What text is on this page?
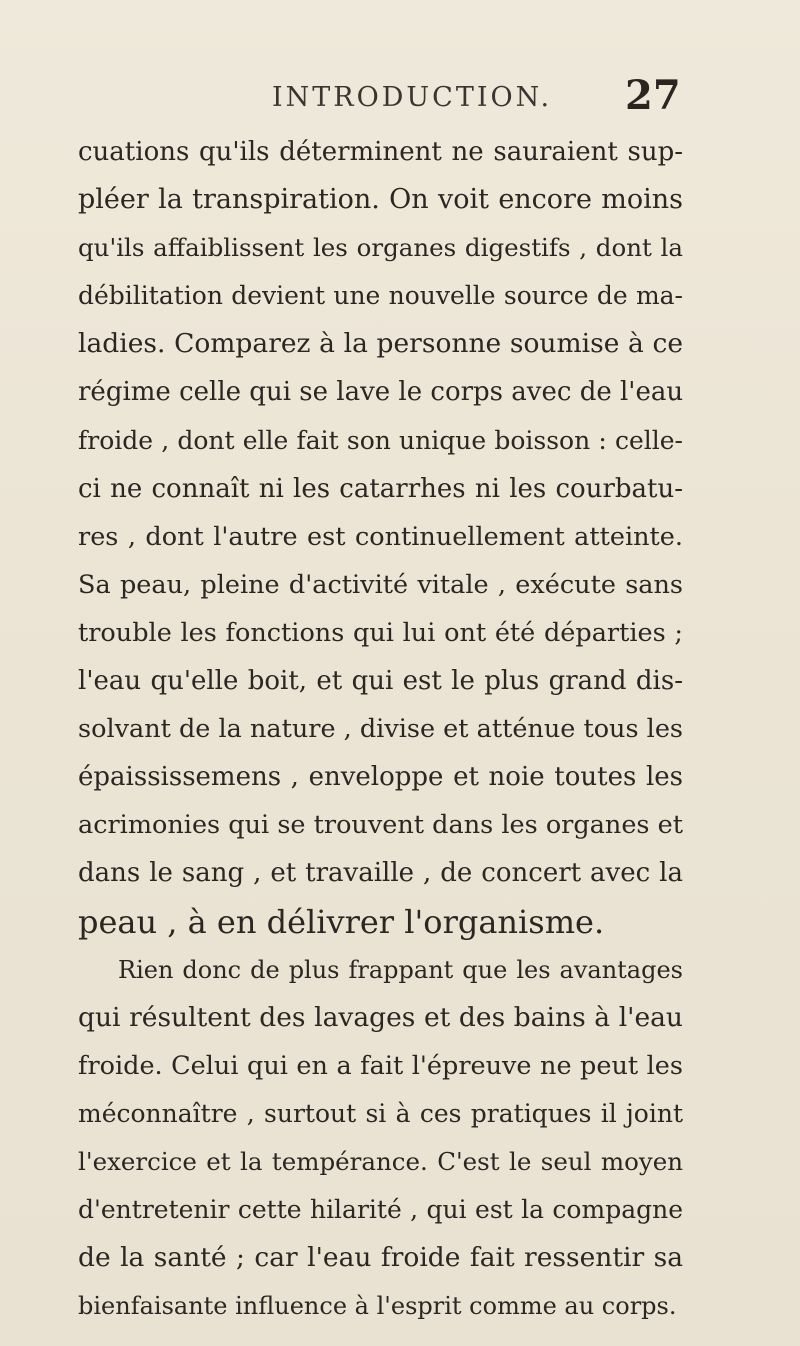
INTRODUCTION. 27
cuations qu'ils déterminent ne sauraient sup-
pléer la transpiration. On voit encore moins
qu'ils affaiblissent les organes digestifs , dont la
débilitation devient une nouvelle source de ma-
ladies. Comparez à la personne soumise à ce
régime celle qui se lave le corps avec de l'eau
froide , dont elle fait son unique boisson : celle-
ci ne connaît ni les catarrhes ni les courbatu-
res , dont l'autre est continuellement atteinte.
Sa peau, pleine d'activité vitale , exécute sans
trouble les fonctions qui lui ont été départies ;
l'eau qu'elle boit, et qui est le plus grand dis-
solvant de la nature , divise et atténue tous les
épaississemens , enveloppe et noie toutes les
acrimonies qui se trouvent dans les organes et
dans le sang , et travaille , de concert avec la
peau , à en délivrer l'organisme.
Rien donc de plus frappant que les avantages
qui résultent des lavages et des bains à l'eau
froide. Celui qui en a fait l'épreuve ne peut les
méconnaître , surtout si à ces pratiques il joint
l'exercice et la tempérance. C'est le seul moyen
d'entretenir cette hilarité , qui est la compagne
de la santé ; car l'eau froide fait ressentir sa
bienfaisante influence à l'esprit comme au corps.
